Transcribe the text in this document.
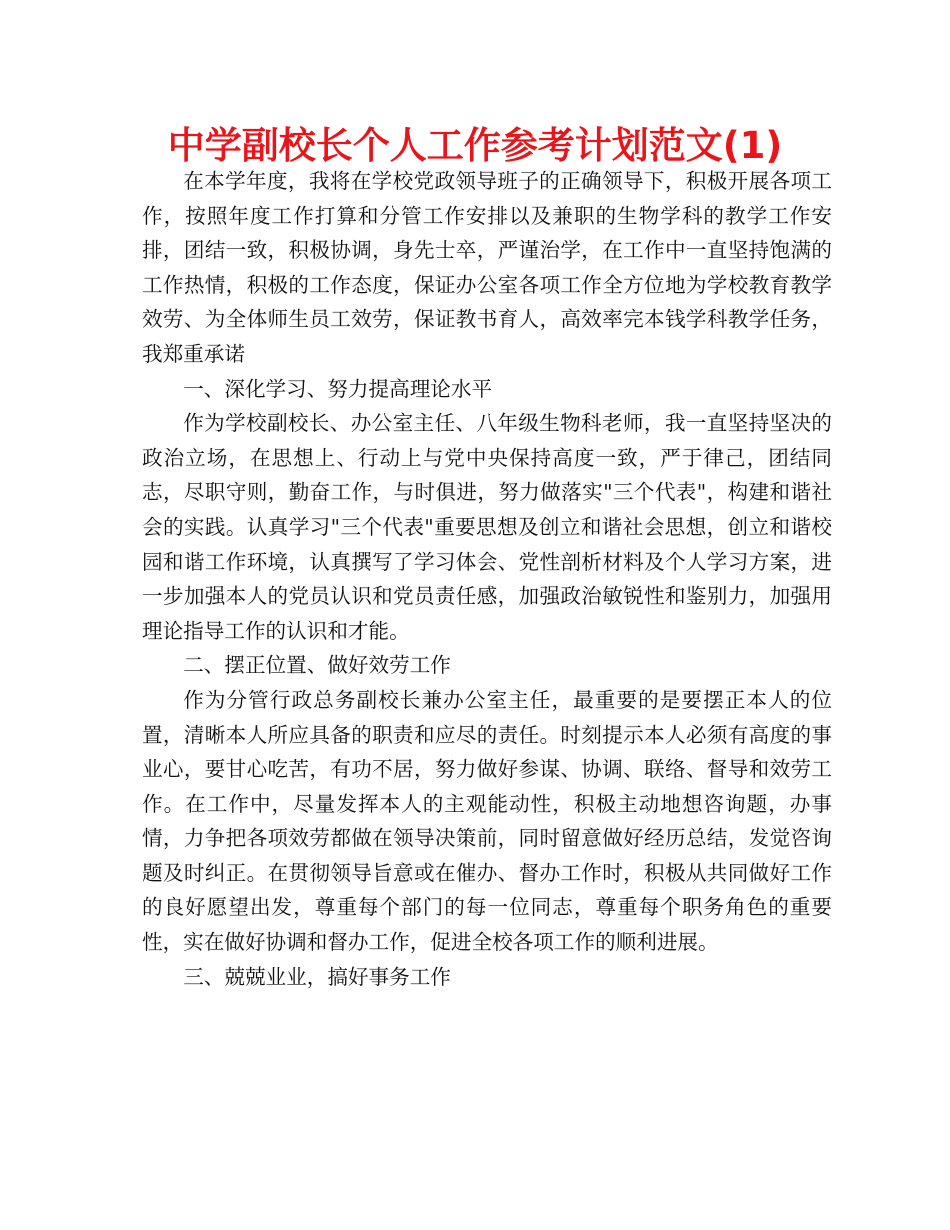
中学副校长个人工作参考计划范文(1)

在本学年度，我将在学校党政领导班子的正确领导下，积极开展各项工作，按照年度工作打算和分管工作安排以及兼职的生物学科的教学工作安排，团结一致，积极协调，身先士卒，严谨治学，在工作中一直坚持饱满的工作热情，积极的工作态度，保证办公室各项工作全方位地为学校教育教学效劳、为全体师生员工效劳，保证教书育人，高效率完本钱学科教学任务，我郑重承诺

一、深化学习、努力提高理论水平

作为学校副校长、办公室主任、八年级生物科老师，我一直坚持坚决的政治立场，在思想上、行动上与党中央保持高度一致，严于律己，团结同志，尽职守则，勤奋工作，与时俱进，努力做落实"三个代表"，构建和谐社会的实践。认真学习"三个代表"重要思想及创立和谐社会思想，创立和谐校园和谐工作环境，认真撰写了学习体会、党性剖析材料及个人学习方案，进一步加强本人的党员认识和党员责任感，加强政治敏锐性和鉴别力，加强用理论指导工作的认识和才能。

二、摆正位置、做好效劳工作

作为分管行政总务副校长兼办公室主任，最重要的是要摆正本人的位置，清晰本人所应具备的职责和应尽的责任。时刻提示本人必须有高度的事业心，要甘心吃苦，有功不居，努力做好参谋、协调、联络、督导和效劳工作。在工作中，尽量发挥本人的主观能动性，积极主动地想咨询题，办事情，力争把各项效劳都做在领导决策前，同时留意做好经历总结，发觉咨询题及时纠正。在贯彻领导旨意或在催办、督办工作时，积极从共同做好工作的良好愿望出发，尊重每个部门的每一位同志，尊重每个职务角色的重要性，实在做好协调和督办工作，促进全校各项工作的顺利进展。

三、兢兢业业，搞好事务工作
